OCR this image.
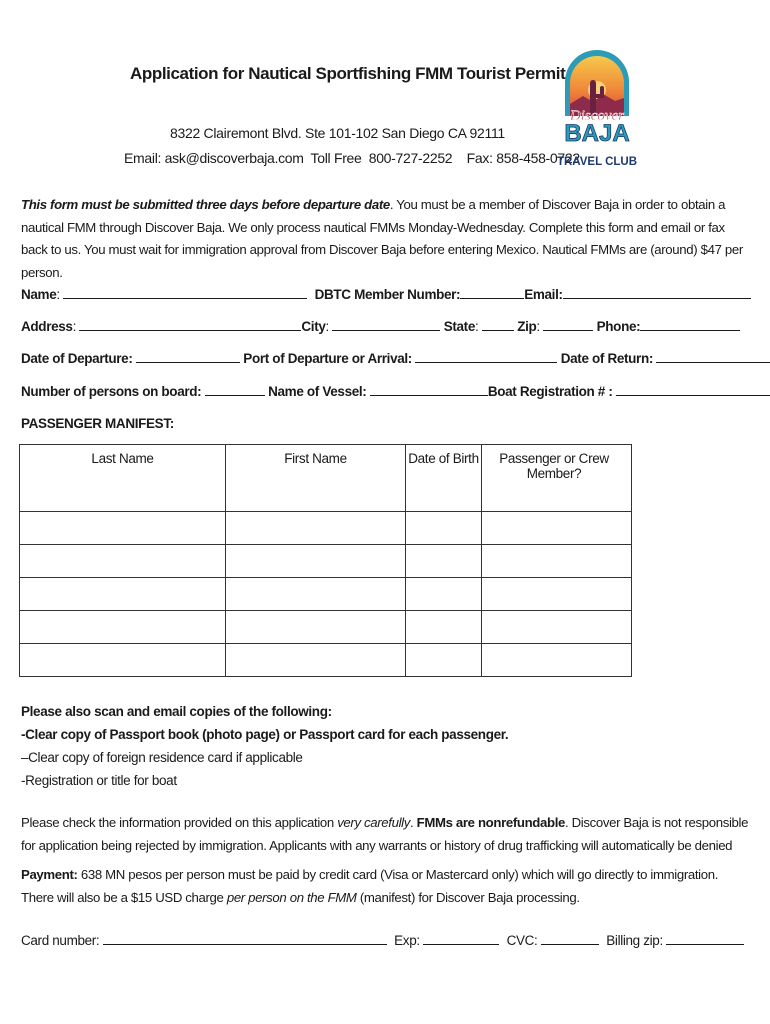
Application for Nautical Sportfishing FMM Tourist Permit
8322 Clairemont Blvd. Ste 101-102 San Diego CA 92111
Email: ask@discoverbaja.com  Toll Free  800-727-2252    Fax: 858-458-0722
Discover
BAJA
TRAVEL CLUB
This form must be submitted three days before departure date. You must be a member of Discover Baja in order to obtain a nautical FMM through Discover Baja. We only process nautical FMMs Monday-Wednesday. Complete this form and email or fax back to us. You must wait for immigration approval from Discover Baja before entering Mexico. Nautical FMMs are (around) $47 per person.
Name:	DBTC Member Number:	Email:
Address:	City:	State:	Zip:	Phone:
Date of Departure:	Port of Departure or Arrival:	Date of Return:
Number of persons on board:	Name of Vessel:	Boat Registration # :
PASSENGER MANIFEST:
Last Name	First Name	Date of Birth	Passenger or Crew Member?

Please also scan and email copies of the following:
-Clear copy of Passport book (photo page) or Passport card for each passenger.
–Clear copy of foreign residence card if applicable
-Registration or title for boat
Please check the information provided on this application very carefully. FMMs are nonrefundable. Discover Baja is not responsible for application being rejected by immigration. Applicants with any warrants or history of drug trafficking will automatically be denied
Payment: 638 MN pesos per person must be paid by credit card (Visa or Mastercard only) which will go directly to immigration. There will also be a $15 USD charge per person on the FMM (manifest) for Discover Baja processing.
Card number:	Exp:	CVC:	Billing zip:
